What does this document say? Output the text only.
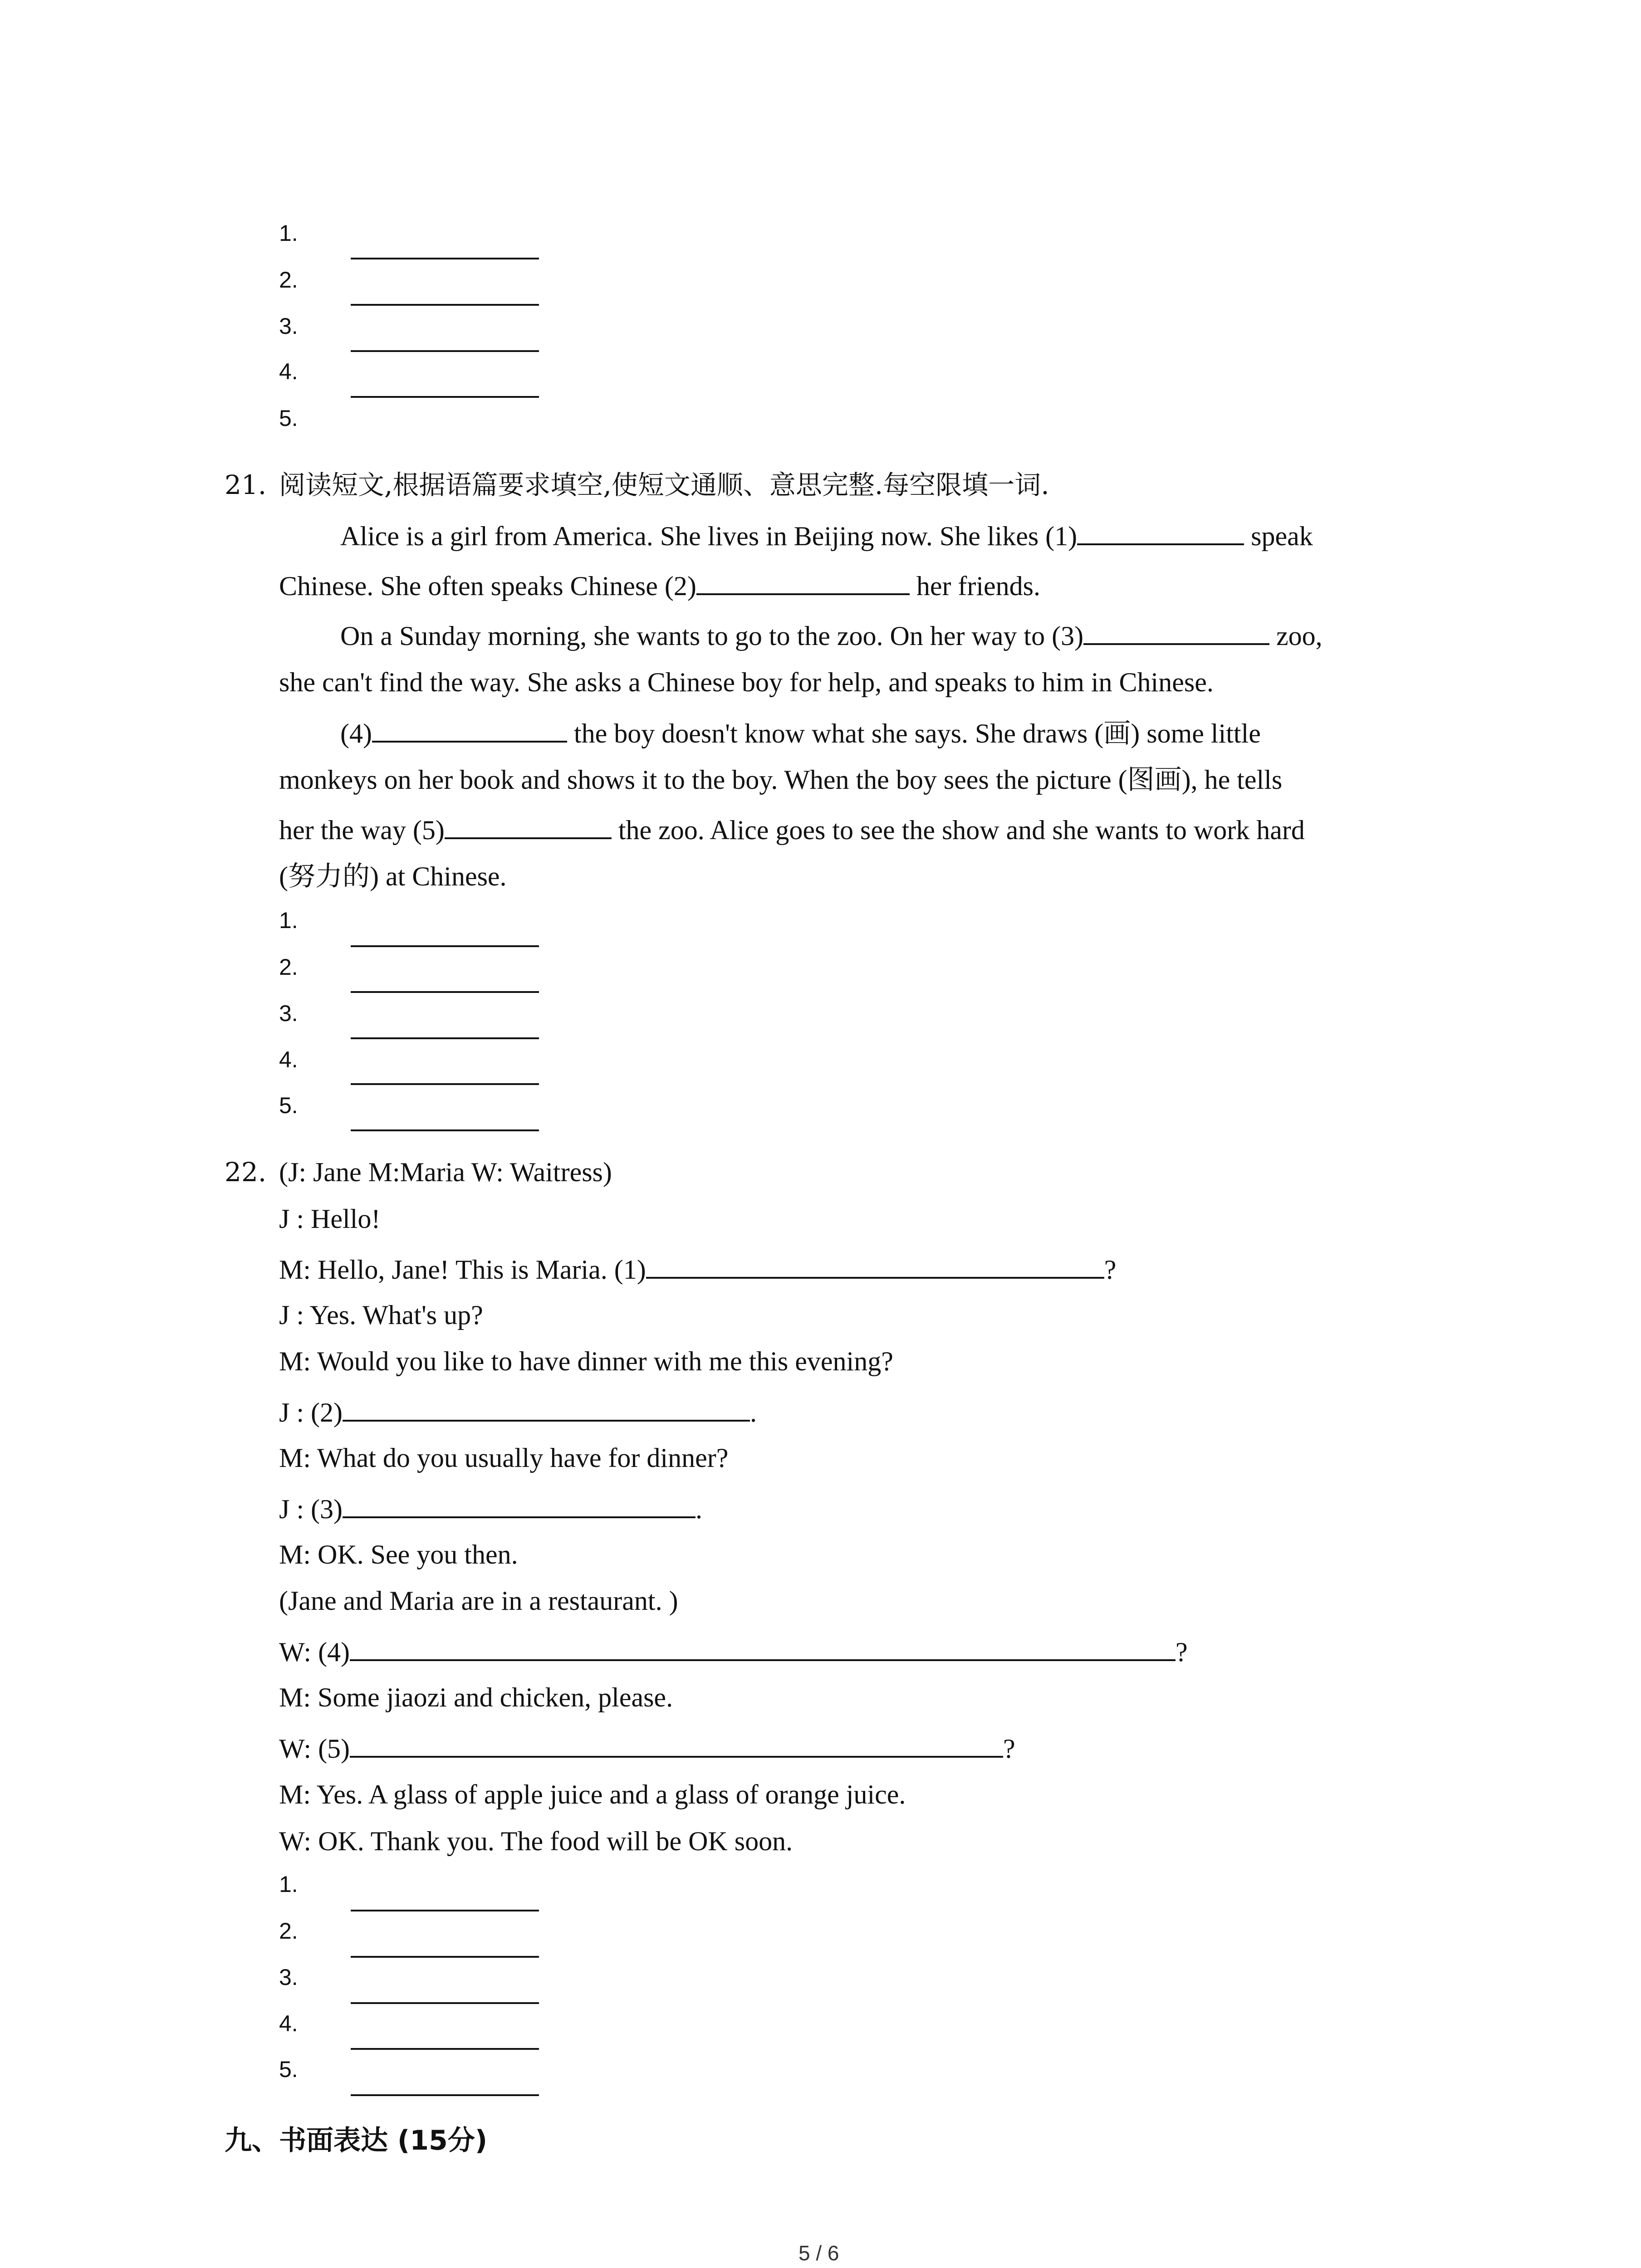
1.
2.
3.
4.
5.
21. 阅读短文,根据语篇要求填空,使短文通顺、意思完整.每空限填一词.
Alice is a girl from America. She lives in Beijing now. She likes (1)	speak
Chinese. She often speaks Chinese (2)	her friends.
On a Sunday morning, she wants to go to the zoo. On her way to (3)	zoo,
she can't find the way. She asks a Chinese boy for help, and speaks to him in Chinese.
(4)	the boy doesn't know what she says. She draws (画) some little
monkeys on her book and shows it to the boy. When the boy sees the picture (图画), he tells
her the way (5)	the zoo. Alice goes to see the show and she wants to work hard
(努力的) at Chinese.
1.
2.
3.
4.
5.
22. (J: Jane M:Maria W: Waitress)
J : Hello!
M: Hello, Jane! This is Maria. (1)	?
J : Yes. What's up?
M: Would you like to have dinner with me this evening?
J : (2)	.
M: What do you usually have for dinner?
J : (3)	.
M: OK. See you then.
(Jane and Maria are in a restaurant. )
W: (4)	?
M: Some jiaozi and chicken, please.
W: (5)	?
M: Yes. A glass of apple juice and a glass of orange juice.
W: OK. Thank you. The food will be OK soon.
1.
2.
3.
4.
5.
九、书面表达 (15分)
5 / 6
